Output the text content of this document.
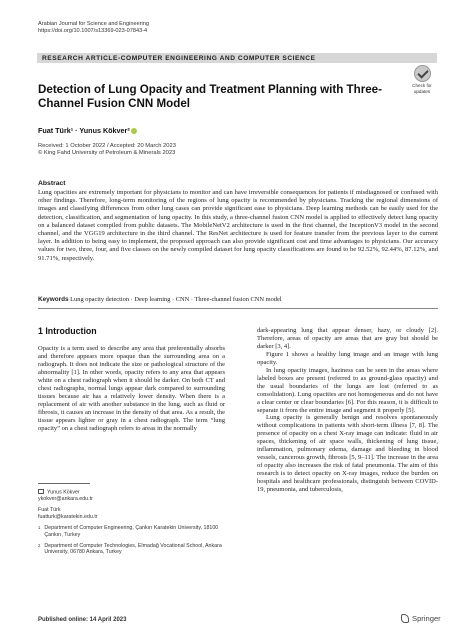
Arabian Journal for Science and Engineering
https://doi.org/10.1007/s13369-023-07843-4
RESEARCH ARTICLE-COMPUTER ENGINEERING AND COMPUTER SCIENCE
Check for
updates
Detection of Lung Opacity and Treatment Planning with Three-Channel Fusion CNN Model
Fuat Türk¹ · Yunus Kökver²
Received: 1 October 2022 / Accepted: 20 March 2023
© King Fahd University of Petroleum & Minerals 2023
Abstract

Lung opacities are extremely important for physicians to monitor and can have irreversible consequences for patients if misdiagnosed or confused with other findings. Therefore, long-term monitoring of the regions of lung opacity is recommended by physicians. Tracking the regional dimensions of images and classifying differences from other lung cases can provide significant ease to physicians. Deep learning methods can be easily used for the detection, classification, and segmentation of lung opacity. In this study, a three-channel fusion CNN model is applied to effectively detect lung opacity on a balanced dataset compiled from public datasets. The MobileNetV2 architecture is used in the first channel, the InceptionV3 model in the second channel, and the VGG19 architecture in the third channel. The ResNet architecture is used for feature transfer from the previous layer to the current layer. In addition to being easy to implement, the proposed approach can also provide significant cost and time advantages to physicians. Our accuracy values for two, three, four, and five classes on the newly compiled dataset for lung opacity classifications are found to be 92.52%, 92.44%, 87.12%, and 91.71%, respectively.

Keywords Lung opacity detection · Deep learning · CNN · Three-channel fusion CNN model
1 Introduction

Opacity is a term used to describe any area that preferentially absorbs and therefore appears more opaque than the surrounding area on a radiograph. It does not indicate the size or pathological structure of the abnormality [1]. In other words, opacity refers to any area that appears white on a chest radiograph when it should be darker. On both CT and chest radiographs, normal lungs appear dark compared to surrounding tissues because air has a relatively lower density. When there is a replacement of air with another substance in the lung, such as fluid or fibrosis, it causes an increase in the density of that area. As a result, the tissue appears lighter or gray in a chest radiograph. The term “lung opacity” on a chest radiograph refers to areas in the normally

dark-appearing lung that appear denser, hazy, or cloudy [2]. Therefore, areas of opacity are areas that are gray but should be darker [3, 4].

Figure 1 shows a healthy lung image and an image with lung opacity.

In lung opacity images, haziness can be seen in the areas where labeled boxes are present (referred to as ground-glass opacity) and the usual boundaries of the lungs are lost (referred to as consolidation). Lung opacities are not homogeneous and do not have a clear center or clear boundaries [6]. For this reason, it is difficult to separate it from the entire image and segment it properly [5].

Lung opacity is generally benign and resolves spontaneously without complications in patients with short-term illness [7, 8]. The presence of opacity on a chest X-ray image can indicate: fluid in air spaces, thickening of air space walls, thickening of lung tissue, inflammation, pulmonary edema, damage and bleeding in blood vessels, cancerous growth, fibrosis [5, 9–11]. The increase in the area of opacity also increases the risk of fatal pneumonia. The aim of this research is to detect opacity on X-ray images, reduce the burden on hospitals and healthcare professionals, distinguish between COVID-19, pneumonia, and tuberculosis,

Yunus Kökver
ykokver@ankara.edu.tr
Fuat Türk
fuatturk@karatekin.edu.tr
1 Department of Computer Engineering, Çankırı Karatekin University, 18100 Çankırı, Turkey
2 Department of Computer Technologies, Elmadağ Vocational School, Ankara University, 06780 Ankara, Turkey
Published online: 14 April 2023	Springer
